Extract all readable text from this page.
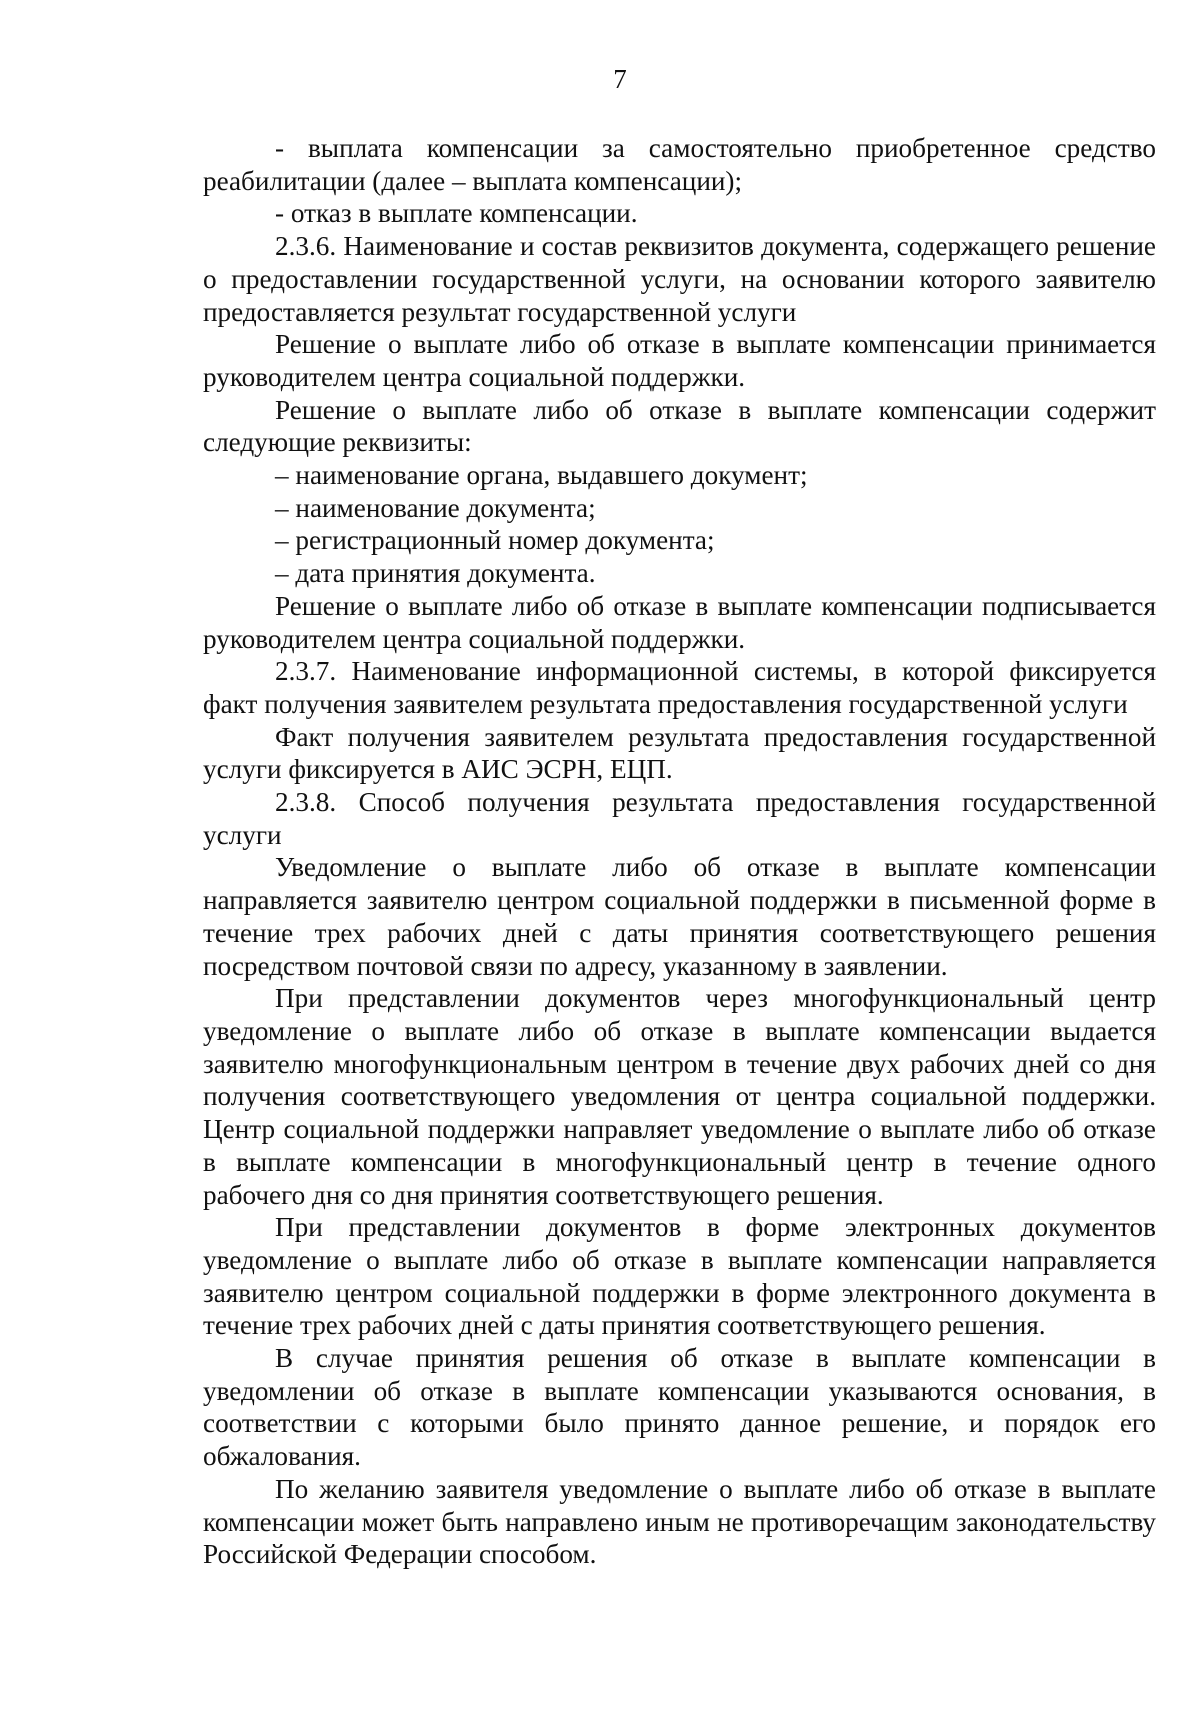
7

- выплата компенсации за самостоятельно приобретенное средство реабилитации (далее – выплата компенсации);

- отказ в выплате компенсации.

2.3.6. Наименование и состав реквизитов документа, содержащего решение о предоставлении государственной услуги, на основании которого заявителю предоставляется результат государственной услуги

Решение о выплате либо об отказе в выплате компенсации принимается руководителем центра социальной поддержки.

Решение о выплате либо об отказе в выплате компенсации содержит следующие реквизиты:

– наименование органа, выдавшего документ;

– наименование документа;

– регистрационный номер документа;

– дата принятия документа.

Решение о выплате либо об отказе в выплате компенсации подписывается руководителем центра социальной поддержки.

2.3.7. Наименование информационной системы, в которой фиксируется факт получения заявителем результата предоставления государственной услуги

Факт получения заявителем результата предоставления государственной услуги фиксируется в АИС ЭСРН, ЕЦП.

2.3.8. Способ получения результата предоставления государственной услуги

Уведомление о выплате либо об отказе в выплате компенсации направляется заявителю центром социальной поддержки в письменной форме в течение трех рабочих дней с даты принятия соответствующего решения посредством почтовой связи по адресу, указанному в заявлении.

При представлении документов через многофункциональный центр уведомление о выплате либо об отказе в выплате компенсации выдается заявителю многофункциональным центром в течение двух рабочих дней со дня получения соответствующего уведомления от центра социальной поддержки. Центр социальной поддержки направляет уведомление о выплате либо об отказе в выплате компенсации в многофункциональный центр в течение одного рабочего дня со дня принятия соответствующего решения.

При представлении документов в форме электронных документов уведомление о выплате либо об отказе в выплате компенсации направляется заявителю центром социальной поддержки в форме электронного документа в течение трех рабочих дней с даты принятия соответствующего решения.

В случае принятия решения об отказе в выплате компенсации в уведомлении об отказе в выплате компенсации указываются основания, в соответствии с которыми было принято данное решение, и порядок его обжалования.

По желанию заявителя уведомление о выплате либо об отказе в выплате компенсации может быть направлено иным не противоречащим законодательству Российской Федерации способом.
